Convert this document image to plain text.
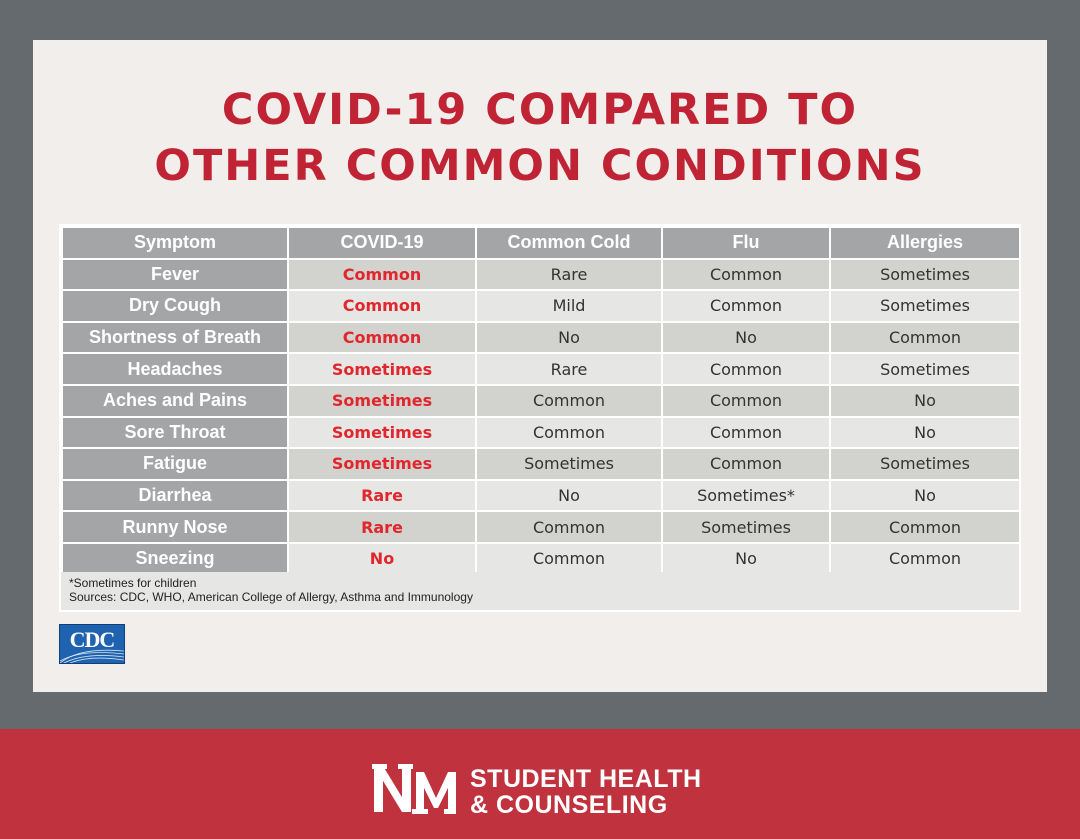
COVID-19 COMPARED TO
OTHER COMMON CONDITIONS
Symptom	COVID-19	Common Cold	Flu	Allergies
Fever	Common	Rare	Common	Sometimes
Dry Cough	Common	Mild	Common	Sometimes
Shortness of Breath	Common	No	No	Common
Headaches	Sometimes	Rare	Common	Sometimes
Aches and Pains	Sometimes	Common	Common	No
Sore Throat	Sometimes	Common	Common	No
Fatigue	Sometimes	Sometimes	Common	Sometimes
Diarrhea	Rare	No	Sometimes*	No
Runny Nose	Rare	Common	Sometimes	Common
Sneezing	No	Common	No	Common
*Sometimes for children
Sources: CDC, WHO, American College of Allergy, Asthma and Immunology
CDC
STUDENT HEALTH
& COUNSELING
